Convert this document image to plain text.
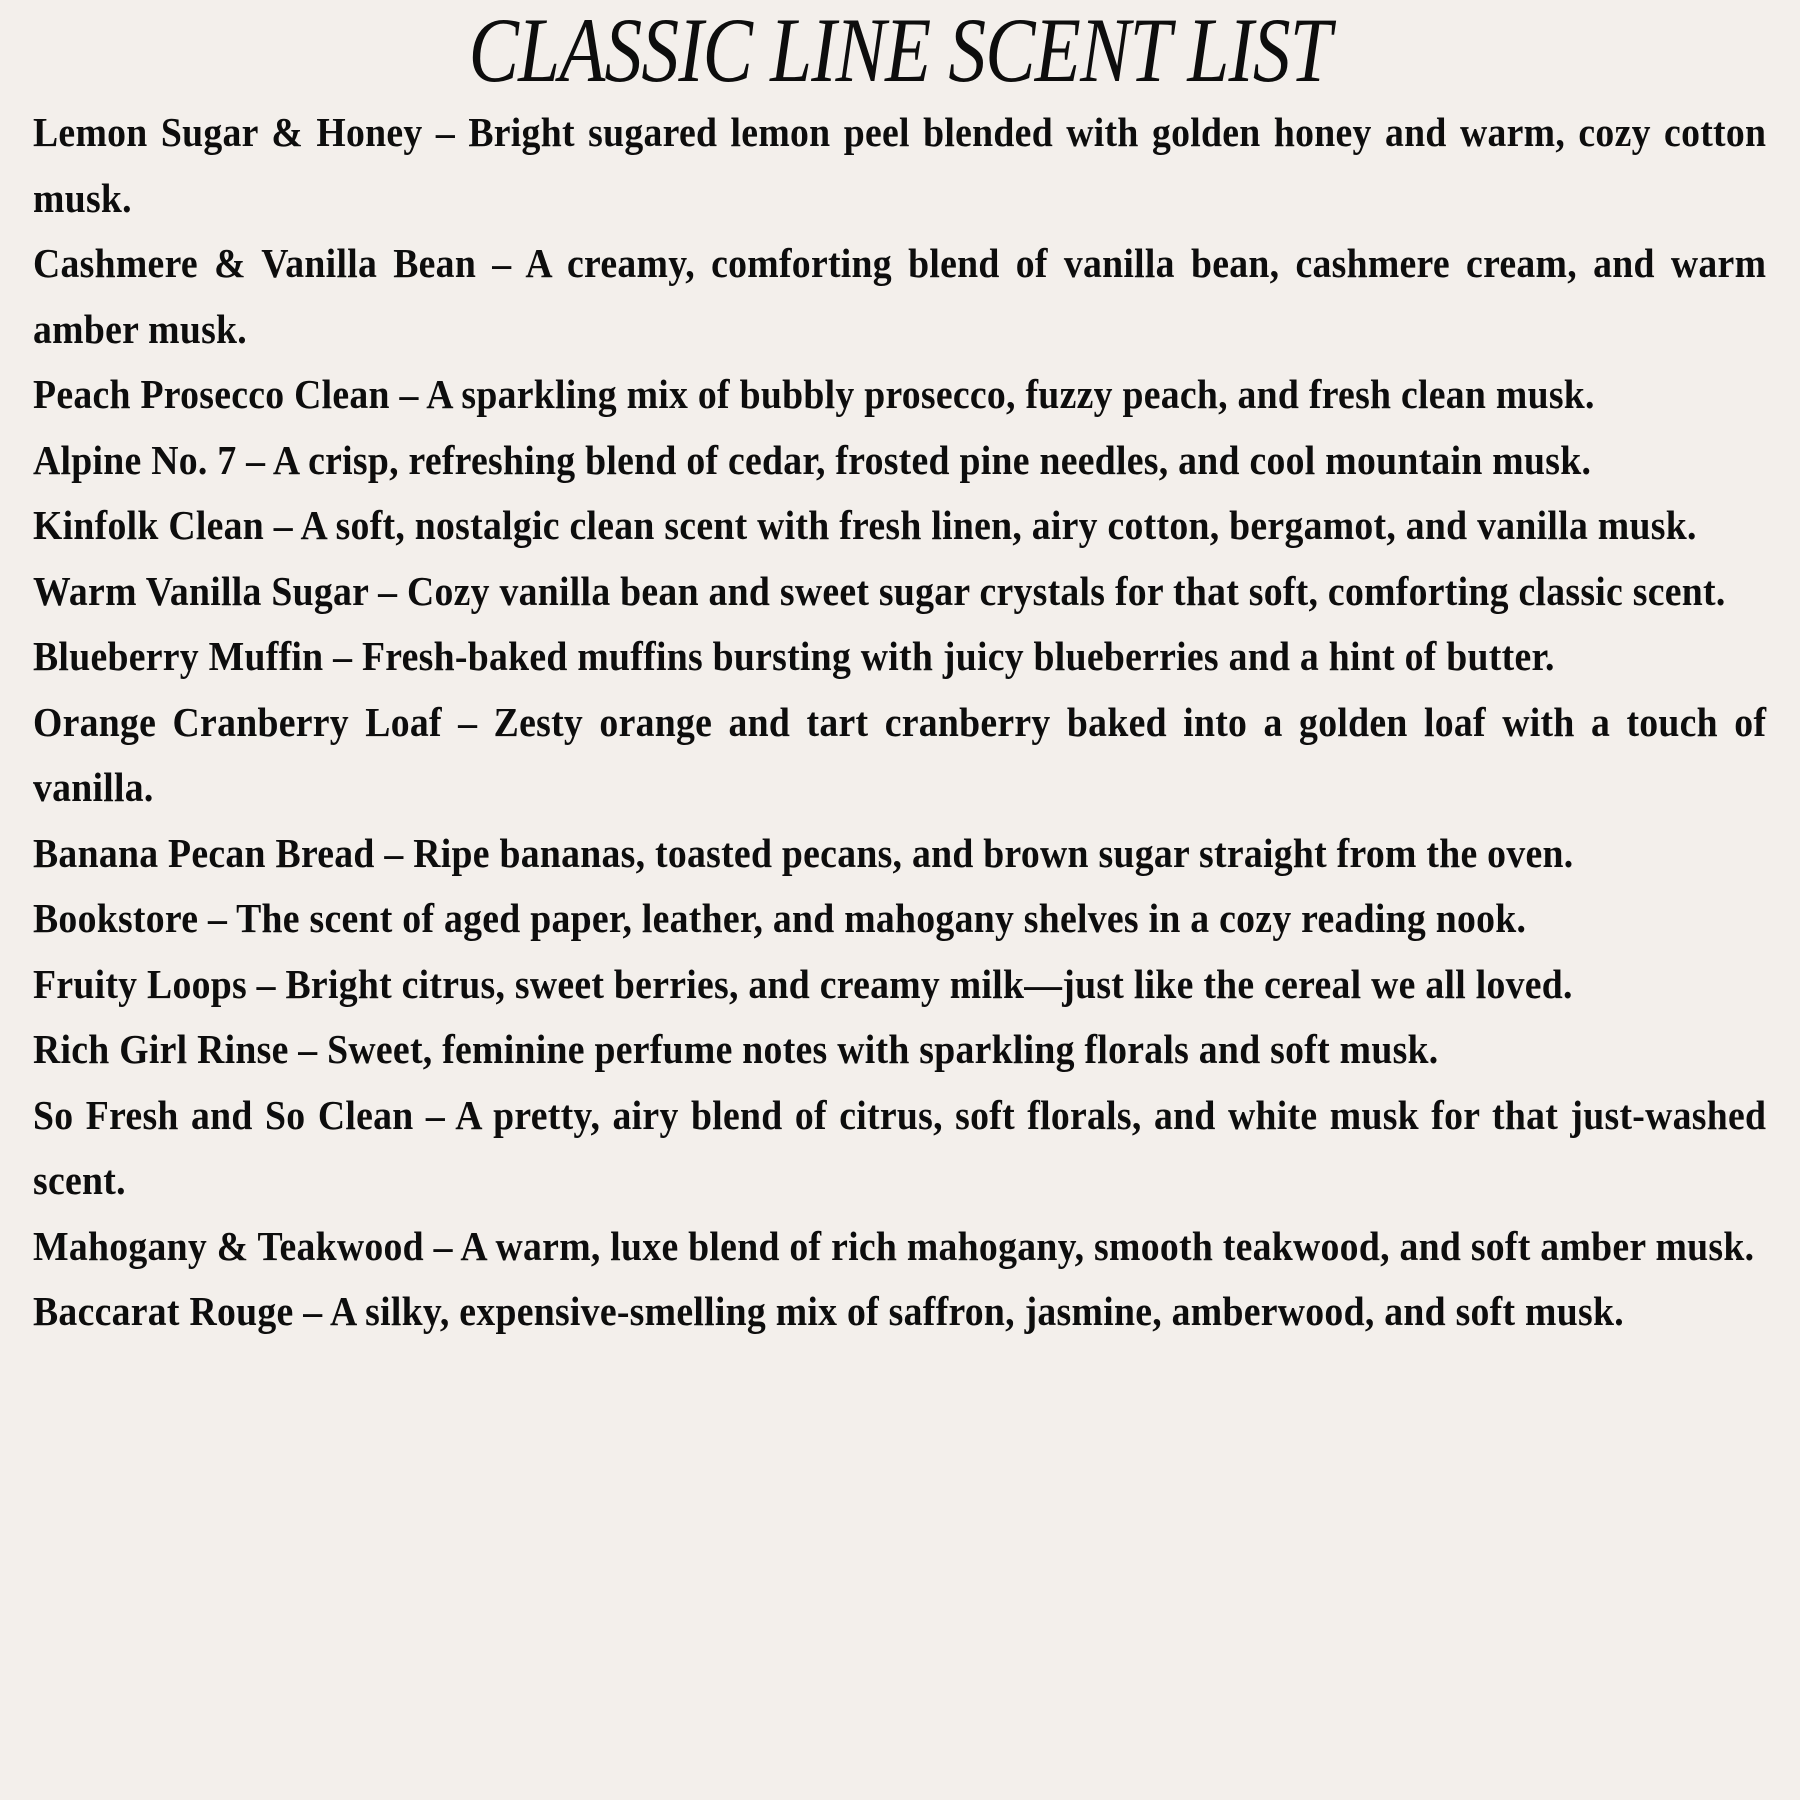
CLASSIC LINE SCENT LIST

Lemon Sugar & Honey – Bright sugared lemon peel blended with golden honey and warm, cozy cotton musk.

Cashmere & Vanilla Bean – A creamy, comforting blend of vanilla bean, cashmere cream, and warm amber musk.

Peach Prosecco Clean – A sparkling mix of bubbly prosecco, fuzzy peach, and fresh clean musk.

Alpine No. 7 – A crisp, refreshing blend of cedar, frosted pine needles, and cool mountain musk.

Kinfolk Clean – A soft, nostalgic clean scent with fresh linen, airy cotton, bergamot, and vanilla musk.

Warm Vanilla Sugar – Cozy vanilla bean and sweet sugar crystals for that soft, comforting classic scent.

Blueberry Muffin – Fresh-baked muffins bursting with juicy blueberries and a hint of butter.

Orange Cranberry Loaf – Zesty orange and tart cranberry baked into a golden loaf with a touch of vanilla.

Banana Pecan Bread – Ripe bananas, toasted pecans, and brown sugar straight from the oven.

Bookstore – The scent of aged paper, leather, and mahogany shelves in a cozy reading nook.

Fruity Loops – Bright citrus, sweet berries, and creamy milk—just like the cereal we all loved.

Rich Girl Rinse – Sweet, feminine perfume notes with sparkling florals and soft musk.

So Fresh and So Clean – A pretty, airy blend of citrus, soft florals, and white musk for that just-washed scent.

Mahogany & Teakwood – A warm, luxe blend of rich mahogany, smooth teakwood, and soft amber musk.

Baccarat Rouge – A silky, expensive-smelling mix of saffron, jasmine, amberwood, and soft musk.
